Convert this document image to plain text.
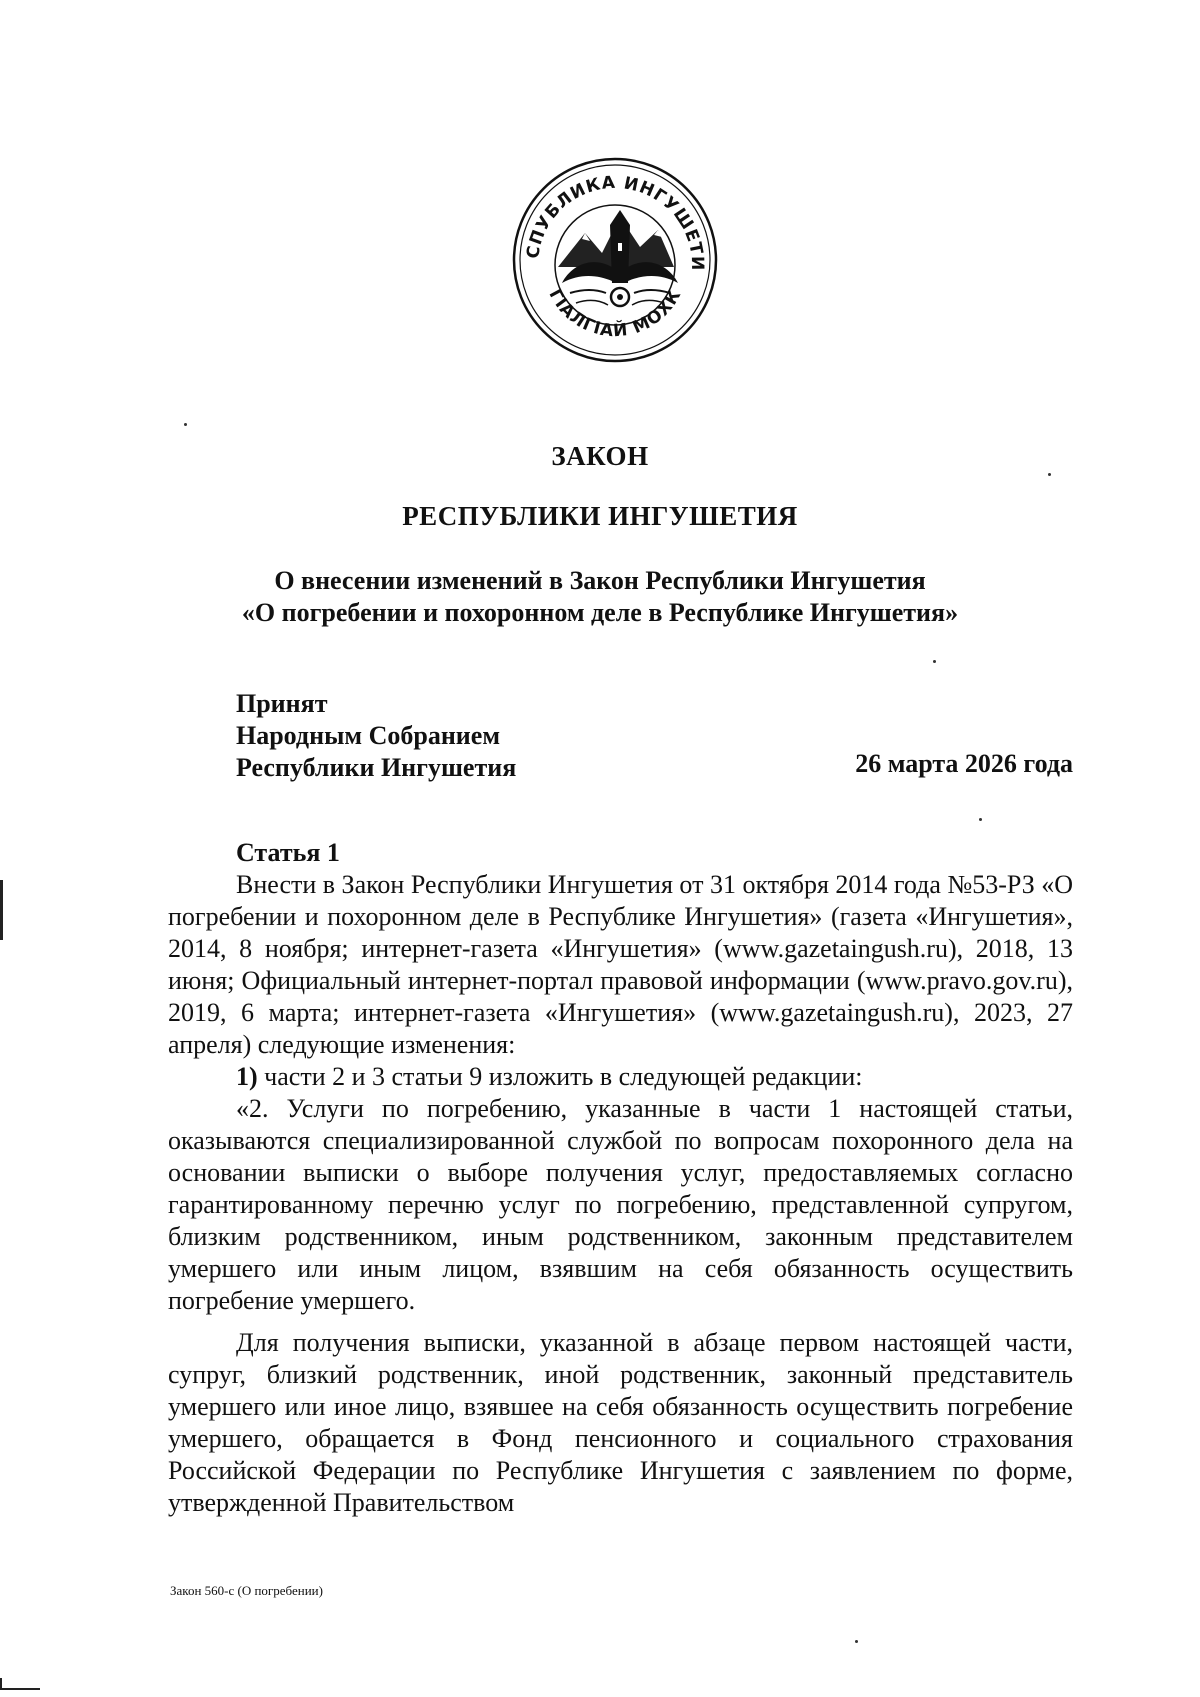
СПУБЛИКА ИНГУШЕТИ
ГІАЛГІАЙ МОХК
ЗАКОН
РЕСПУБЛИКИ ИНГУШЕТИЯ
О внесении изменений в Закон Республики Ингушетия
«О погребении и похоронном деле в Республике Ингушетия»
Принят
Народным Собранием
Республики Ингушетия	26 марта 2026 года
Статья 1

Внести в Закон Республики Ингушетия от 31 октября 2014 года №53-РЗ «О погребении и похоронном деле в Республике Ингушетия» (газета «Ингушетия», 2014, 8 ноября; интернет-газета «Ингушетия» (www.gazetaingush.ru), 2018, 13 июня; Официальный интернет-портал правовой информации (www.pravo.gov.ru), 2019, 6 марта; интернет-газета «Ингушетия» (www.gazetaingush.ru), 2023, 27 апреля) следующие изменения:

1) части 2 и 3 статьи 9 изложить в следующей редакции:

«2. Услуги по погребению, указанные в части 1 настоящей статьи, оказываются специализированной службой по вопросам похоронного дела на основании выписки о выборе получения услуг, предоставляемых согласно гарантированному перечню услуг по погребению, представленной супругом, близким родственником, иным родственником, законным представителем умершего или иным лицом, взявшим на себя обязанность осуществить погребение умершего.

Для получения выписки, указанной в абзаце первом настоящей части, супруг, близкий родственник, иной родственник, законный представитель умершего или иное лицо, взявшее на себя обязанность осуществить погребение умершего, обращается в Фонд пенсионного и социального страхования Российской Федерации по Республике Ингушетия с заявлением по форме, утвержденной Правительством

Закон 560-с (О погребении)
